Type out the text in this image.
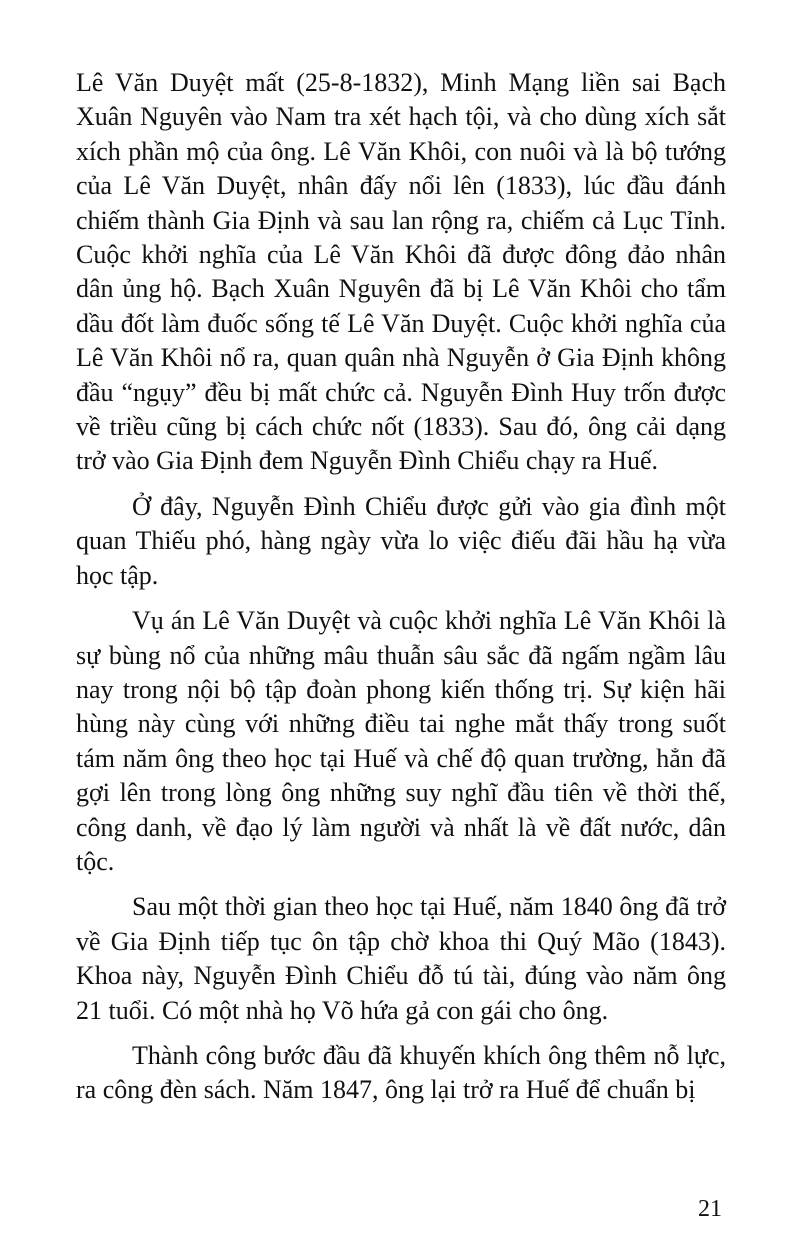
Lê Văn Duyệt mất (25-8-1832), Minh Mạng liền sai Bạch Xuân Nguyên vào Nam tra xét hạch tội, và cho dùng xích sắt xích phần mộ của ông. Lê Văn Khôi, con nuôi và là bộ tướng của Lê Văn Duyệt, nhân đấy nổi lên (1833), lúc đầu đánh chiếm thành Gia Định và sau lan rộng ra, chiếm cả Lục Tỉnh. Cuộc khởi nghĩa của Lê Văn Khôi đã được đông đảo nhân dân ủng hộ. Bạch Xuân Nguyên đã bị Lê Văn Khôi cho tẩm dầu đốt làm đuốc sống tế Lê Văn Duyệt. Cuộc khởi nghĩa của Lê Văn Khôi nổ ra, quan quân nhà Nguyễn ở Gia Định không đầu “ngụy” đều bị mất chức cả. Nguyễn Đình Huy trốn được về triều cũng bị cách chức nốt (1833). Sau đó, ông cải dạng trở vào Gia Định đem Nguyễn Đình Chiểu chạy ra Huế.

Ở đây, Nguyễn Đình Chiểu được gửi vào gia đình một quan Thiếu phó, hàng ngày vừa lo việc điếu đãi hầu hạ vừa học tập.

Vụ án Lê Văn Duyệt và cuộc khởi nghĩa Lê Văn Khôi là sự bùng nổ của những mâu thuẫn sâu sắc đã ngấm ngầm lâu nay trong nội bộ tập đoàn phong kiến thống trị. Sự kiện hãi hùng này cùng với những điều tai nghe mắt thấy trong suốt tám năm ông theo học tại Huế và chế độ quan trường, hẳn đã gợi lên trong lòng ông những suy nghĩ đầu tiên về thời thế, công danh, về đạo lý làm người và nhất là về đất nước, dân tộc.

Sau một thời gian theo học tại Huế, năm 1840 ông đã trở về Gia Định tiếp tục ôn tập chờ khoa thi Quý Mão (1843). Khoa này, Nguyễn Đình Chiểu đỗ tú tài, đúng vào năm ông 21 tuổi. Có một nhà họ Võ hứa gả con gái cho ông.

Thành công bước đầu đã khuyến khích ông thêm nỗ lực, ra công đèn sách. Năm 1847, ông lại trở ra Huế để chuẩn bị

21
